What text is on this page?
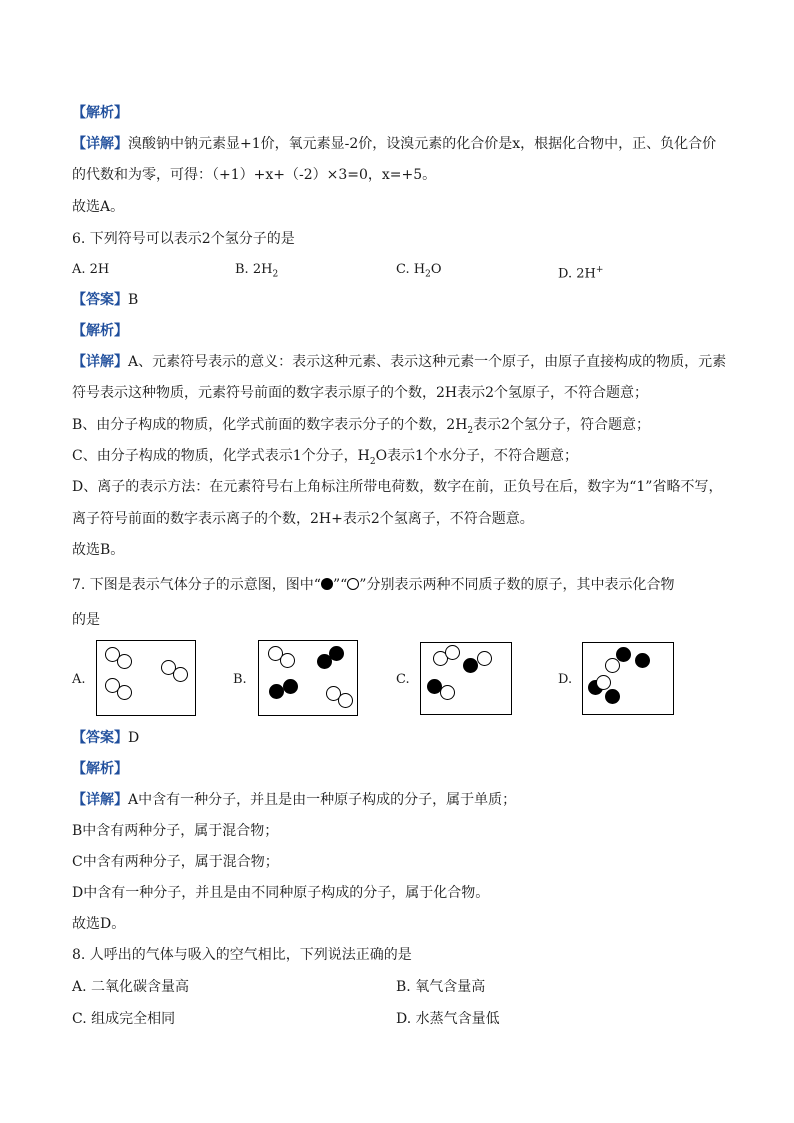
【解析】
【详解】溴酸钠中钠元素显+1价，氧元素显-2价，设溴元素的化合价是x，根据化合物中，正、负化合价
的代数和为零，可得：（+1）+x+（-2）×3=0，x=+5。
故选A。
6. 下列符号可以表示2个氢分子的是
A. 2H	B. $2H_2$	C. $H_2O$	D. 2H+
【答案】B
【解析】
【详解】A、元素符号表示的意义：表示这种元素、表示这种元素一个原子，由原子直接构成的物质，元素
符号表示这种物质，元素符号前面的数字表示原子的个数，2H表示2个氢原子，不符合题意；
B、由分子构成的物质，化学式前面的数字表示分子的个数，$2H_2$表示2个氢分子，符合题意；
C、由分子构成的物质，化学式表示1个分子，$H_2O$表示1个水分子，不符合题意；
D、离子的表示方法：在元素符号右上角标注所带电荷数，数字在前，正负号在后，数字为“1”省略不写，
离子符号前面的数字表示离子的个数，2H+表示2个氢离子，不符合题意。
故选B。
7. 下图是表示气体分子的示意图，图中“ ”“ ”分别表示两种不同质子数的原子，其中表示化合物
的是
A.	B.	C.	D.
【答案】D
【解析】
【详解】A中含有一种分子，并且是由一种原子构成的分子，属于单质；
B中含有两种分子，属于混合物；
C中含有两种分子，属于混合物；
D中含有一种分子，并且是由不同种原子构成的分子，属于化合物。
故选D。
8. 人呼出的气体与吸入的空气相比，下列说法正确的是
A. 二氧化碳含量高	B. 氧气含量高
C. 组成完全相同	D. 水蒸气含量低
